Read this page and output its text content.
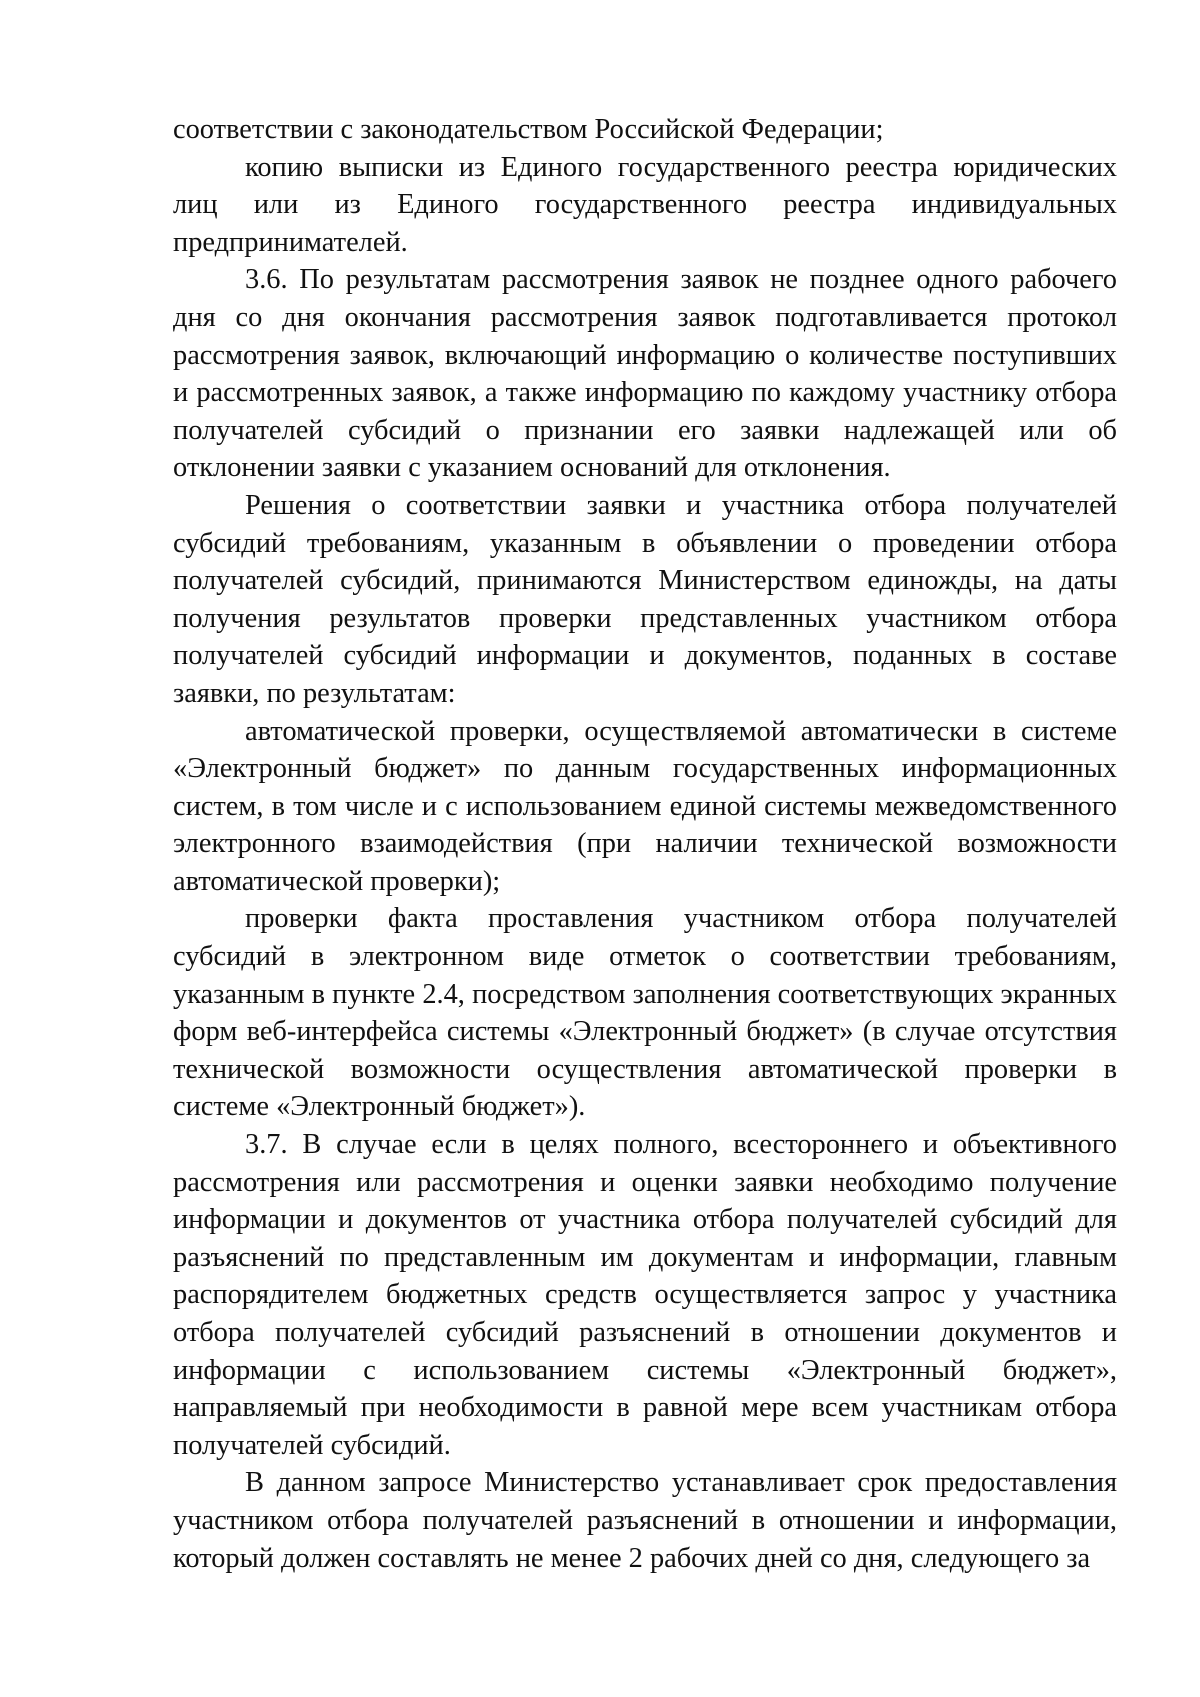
соответствии с законодательством Российской Федерации;

копию выписки из Единого государственного реестра юридических лиц или из Единого государственного реестра индивидуальных предпринимателей.

3.6. По результатам рассмотрения заявок не позднее одного рабочего дня со дня окончания рассмотрения заявок подготавливается протокол рассмотрения заявок, включающий информацию о количестве поступивших и рассмотренных заявок, а также информацию по каждому участнику отбора получателей субсидий о признании его заявки надлежащей или об отклонении заявки с указанием оснований для отклонения.

Решения о соответствии заявки и участника отбора получателей субсидий требованиям, указанным в объявлении о проведении отбора получателей субсидий, принимаются Министерством единожды, на даты получения результатов проверки представленных участником отбора получателей субсидий информации и документов, поданных в составе заявки, по результатам:

автоматической проверки, осуществляемой автоматически в системе «Электронный бюджет» по данным государственных информационных систем, в том числе и с использованием единой системы межведомственного электронного взаимодействия (при наличии технической возможности автоматической проверки);

проверки факта проставления участником отбора получателей субсидий в электронном виде отметок о соответствии требованиям, указанным в пункте 2.4, посредством заполнения соответствующих экранных форм веб-интерфейса системы «Электронный бюджет» (в случае отсутствия технической возможности осуществления автоматической проверки в системе «Электронный бюджет»).

3.7. В случае если в целях полного, всестороннего и объективного рассмотрения или рассмотрения и оценки заявки необходимо получение информации и документов от участника отбора получателей субсидий для разъяснений по представленным им документам и информации, главным распорядителем бюджетных средств осуществляется запрос у участника отбора получателей субсидий разъяснений в отношении документов и информации с использованием системы «Электронный бюджет», направляемый при необходимости в равной мере всем участникам отбора получателей субсидий.

В данном запросе Министерство устанавливает срок предоставления участником отбора получателей разъяснений в отношении и информации, который должен составлять не менее 2 рабочих дней со дня, следующего за
